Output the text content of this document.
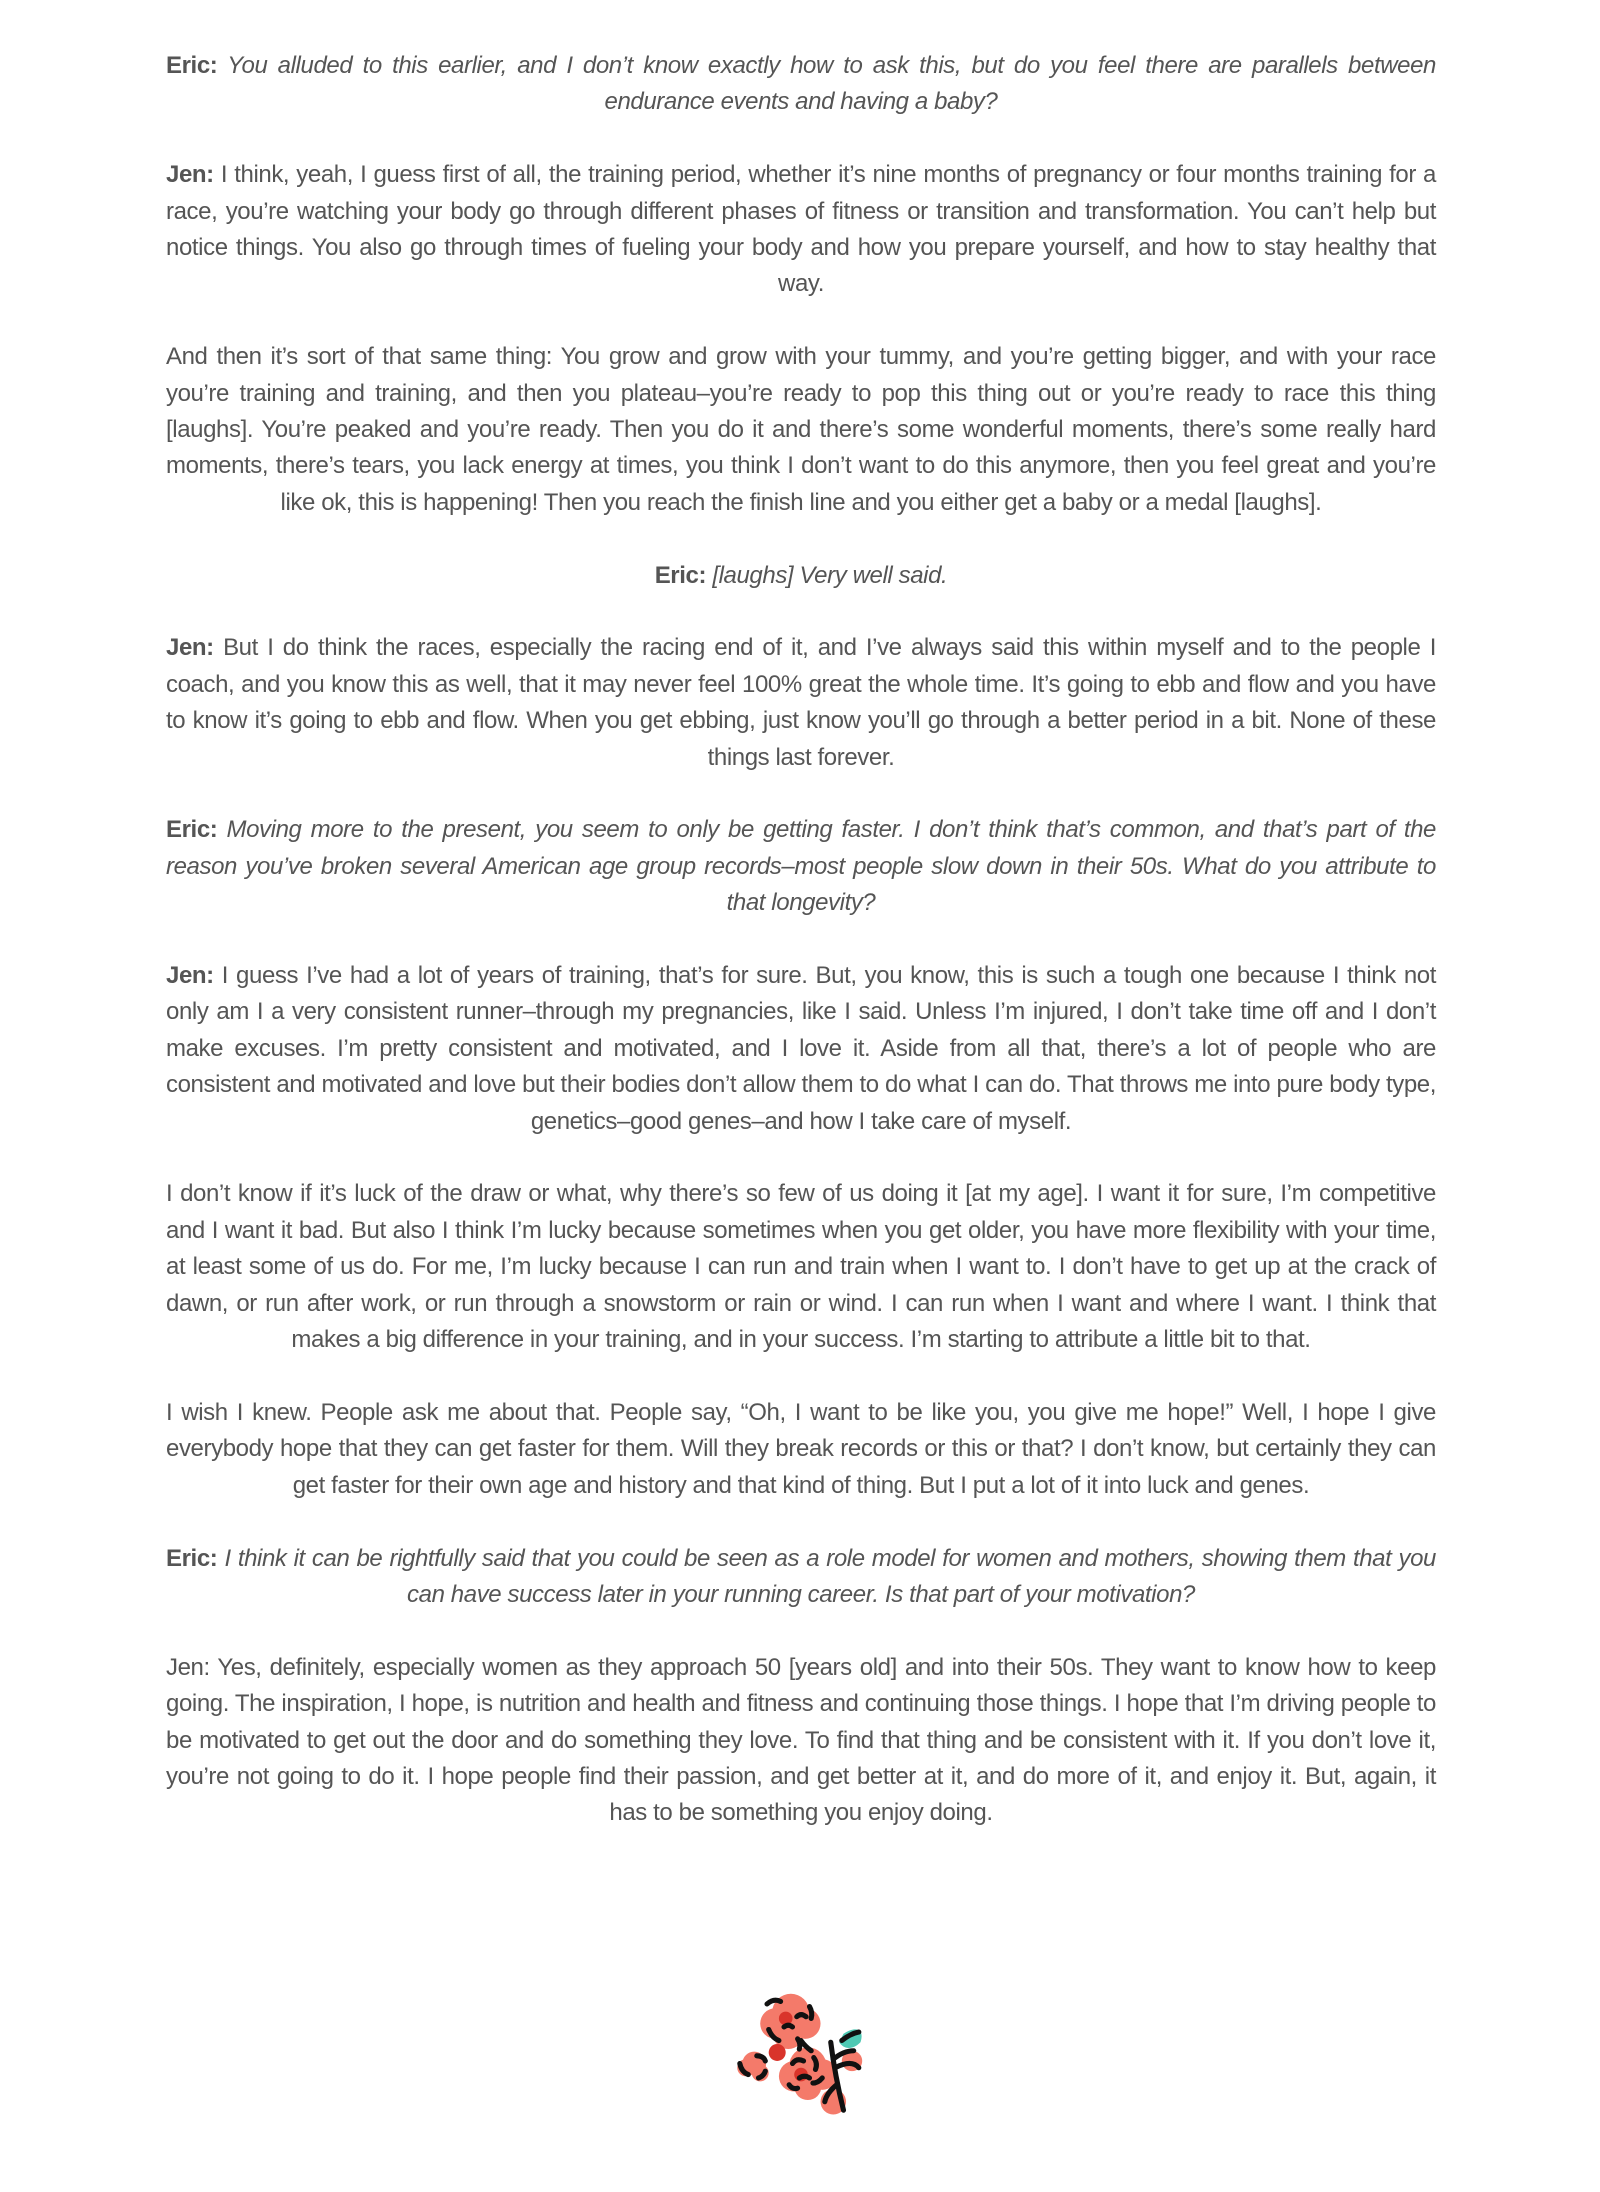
Eric: You alluded to this earlier, and I don’t know exactly how to ask this, but do you feel there are parallels between endurance events and having a baby?

Jen: I think, yeah, I guess first of all, the training period, whether it’s nine months of pregnancy or four months training for a race, you’re watching your body go through different phases of fitness or transition and transformation. You can’t help but notice things. You also go through times of fueling your body and how you prepare yourself, and how to stay healthy that way.

And then it’s sort of that same thing: You grow and grow with your tummy, and you’re getting bigger, and with your race you’re training and training, and then you plateau–you’re ready to pop this thing out or you’re ready to race this thing [laughs]. You’re peaked and you’re ready. Then you do it and there’s some wonderful moments, there’s some really hard moments, there’s tears, you lack energy at times, you think I don’t want to do this anymore, then you feel great and you’re like ok, this is happening! Then you reach the finish line and you either get a baby or a medal [laughs].

Eric: [laughs] Very well said.

Jen: But I do think the races, especially the racing end of it, and I’ve always said this within myself and to the people I coach, and you know this as well, that it may never feel 100% great the whole time. It’s going to ebb and flow and you have to know it’s going to ebb and flow. When you get ebbing, just know you’ll go through a better period in a bit. None of these things last forever.

Eric: Moving more to the present, you seem to only be getting faster. I don’t think that’s common, and that’s part of the reason you’ve broken several American age group records–most people slow down in their 50s. What do you attribute to that longevity?

Jen: I guess I’ve had a lot of years of training, that’s for sure. But, you know, this is such a tough one because I think not only am I a very consistent runner–through my pregnancies, like I said. Unless I’m injured, I don’t take time off and I don’t make excuses. I’m pretty consistent and motivated, and I love it. Aside from all that, there’s a lot of people who are consistent and motivated and love but their bodies don’t allow them to do what I can do. That throws me into pure body type, genetics–good genes–and how I take care of myself.

I don’t know if it’s luck of the draw or what, why there’s so few of us doing it [at my age]. I want it for sure, I’m competitive and I want it bad. But also I think I’m lucky because sometimes when you get older, you have more flexibility with your time, at least some of us do. For me, I’m lucky because I can run and train when I want to. I don’t have to get up at the crack of dawn, or run after work, or run through a snowstorm or rain or wind. I can run when I want and where I want. I think that makes a big difference in your training, and in your success. I’m starting to attribute a little bit to that.

I wish I knew. People ask me about that. People say, “Oh, I want to be like you, you give me hope!” Well, I hope I give everybody hope that they can get faster for them. Will they break records or this or that? I don’t know, but certainly they can get faster for their own age and history and that kind of thing. But I put a lot of it into luck and genes.

Eric: I think it can be rightfully said that you could be seen as a role model for women and mothers, showing them that you can have success later in your running career. Is that part of your motivation?

Jen: Yes, definitely, especially women as they approach 50 [years old] and into their 50s. They want to know how to keep going. The inspiration, I hope, is nutrition and health and fitness and continuing those things. I hope that I’m driving people to be motivated to get out the door and do something they love. To find that thing and be consistent with it. If you don’t love it, you’re not going to do it. I hope people find their passion, and get better at it, and do more of it, and enjoy it. But, again, it has to be something you enjoy doing.
